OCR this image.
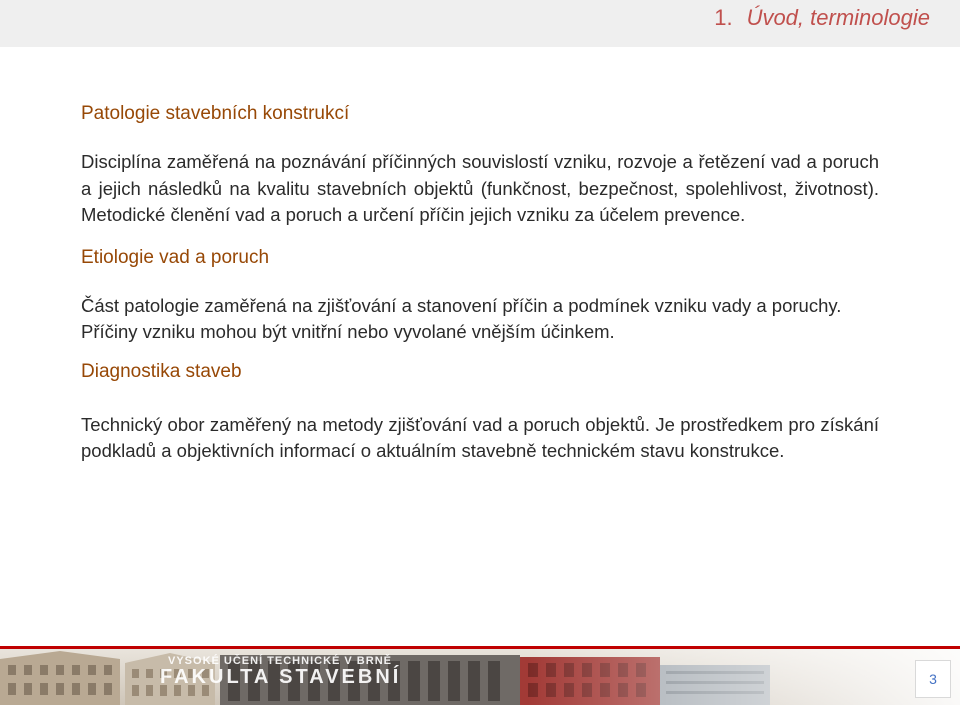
1. Úvod, terminologie

Patologie stavebních konstrukcí

Disciplína zaměřená na poznávání příčinných souvislostí vzniku, rozvoje a řetězení vad a poruch a jejich následků na kvalitu stavebních objektů (funkčnost, bezpečnost, spolehlivost, životnost). Metodické členění vad a poruch a určení příčin jejich vzniku za účelem prevence.

Etiologie vad a poruch

Část patologie zaměřená na zjišťování a stanovení příčin a podmínek vzniku vady a poruchy. Příčiny vzniku mohou být vnitřní nebo vyvolané vnějším účinkem.

Diagnostika staveb

Technický obor zaměřený na metody zjišťování vad a poruch objektů. Je prostředkem pro získání podkladů a objektivních informací o aktuálním stavebně technickém stavu konstrukce.

VYSOKÉ UČENÍ TECHNICKÉ V BRNĚ
FAKULTA STAVEBNÍ	3
